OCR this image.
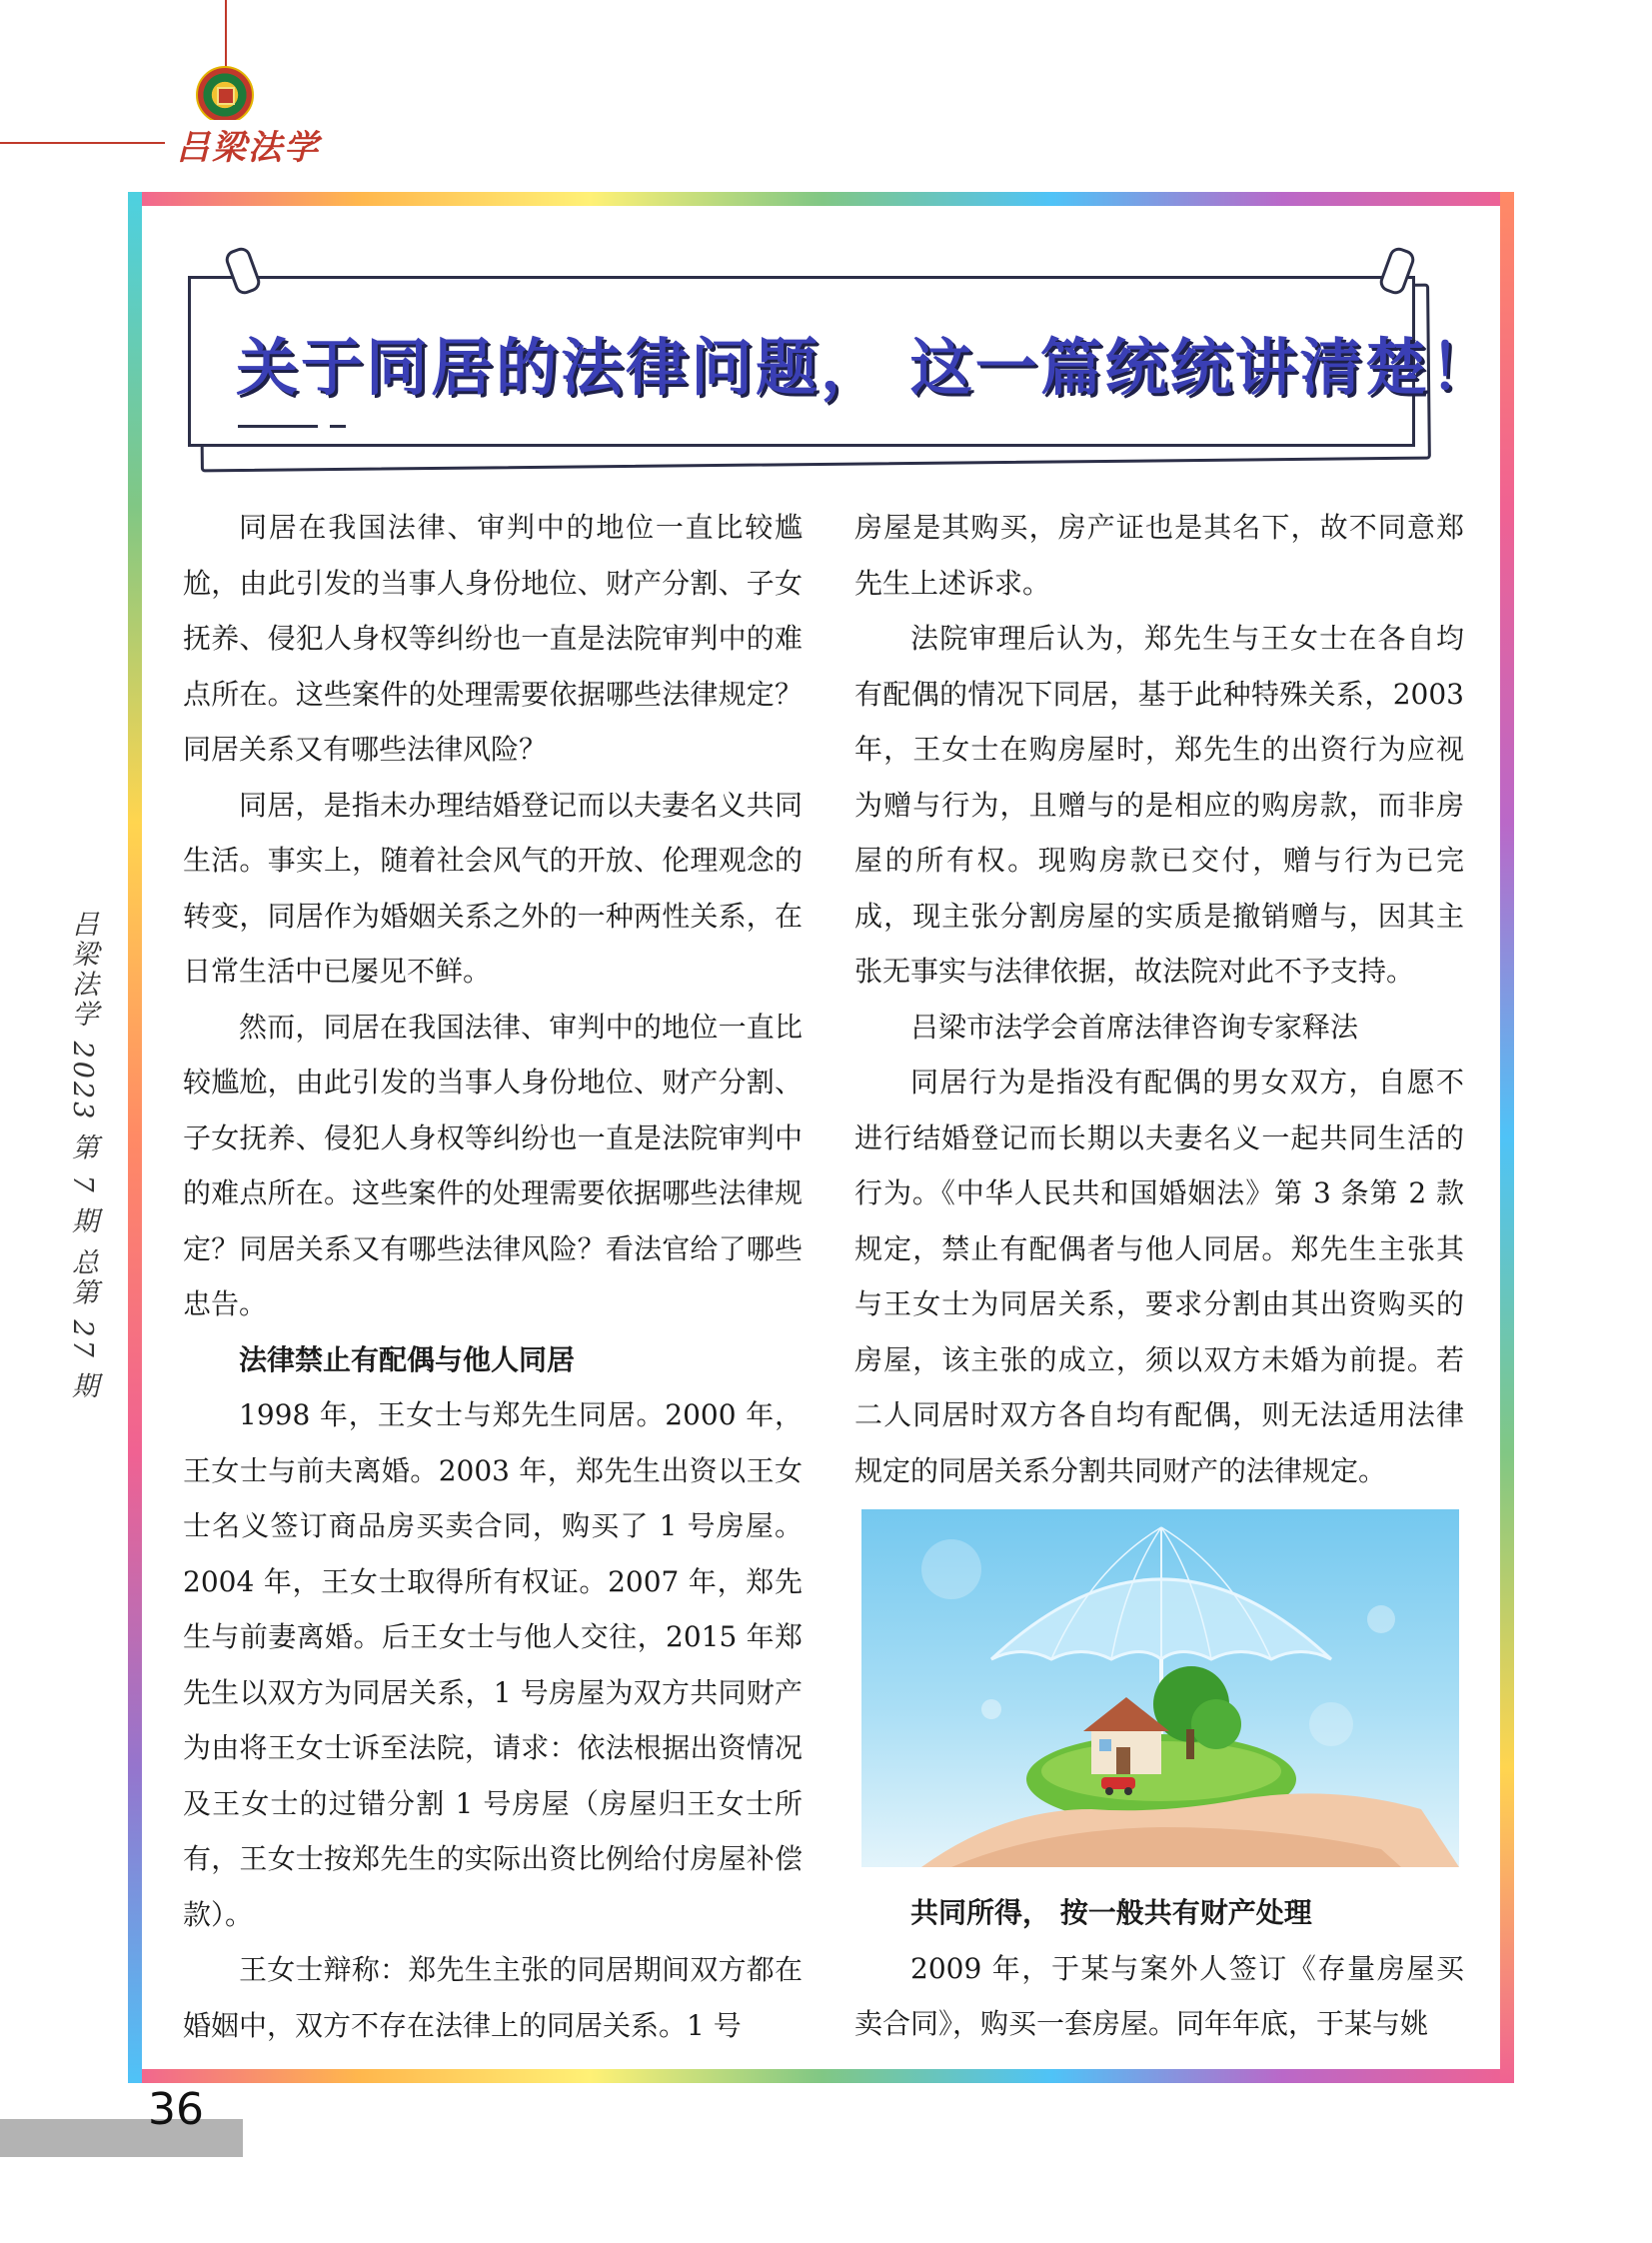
吕梁法学
吕梁法学 2023 第 7 期 总第 27 期
关于同居的法律问题， 这一篇统统讲清楚！

同居在我国法律、审判中的地位一直比较尴尬，由此引发的当事人身份地位、财产分割、子女抚养、侵犯人身权等纠纷也一直是法院审判中的难点所在。这些案件的处理需要依据哪些法律规定？同居关系又有哪些法律风险？

同居，是指未办理结婚登记而以夫妻名义共同生活。事实上，随着社会风气的开放、伦理观念的转变，同居作为婚姻关系之外的一种两性关系，在日常生活中已屡见不鲜。

然而，同居在我国法律、审判中的地位一直比较尴尬，由此引发的当事人身份地位、财产分割、子女抚养、侵犯人身权等纠纷也一直是法院审判中的难点所在。这些案件的处理需要依据哪些法律规定？同居关系又有哪些法律风险？看法官给了哪些忠告。

法律禁止有配偶与他人同居

1998 年，王女士与郑先生同居。2000 年，王女士与前夫离婚。2003 年，郑先生出资以王女士名义签订商品房买卖合同，购买了 1 号房屋。2004 年，王女士取得所有权证。2007 年，郑先生与前妻离婚。后王女士与他人交往，2015 年郑先生以双方为同居关系，1 号房屋为双方共同财产为由将王女士诉至法院，请求：依法根据出资情况及王女士的过错分割 1 号房屋（房屋归王女士所有，王女士按郑先生的实际出资比例给付房屋补偿款）。

王女士辩称：郑先生主张的同居期间双方都在婚姻中，双方不存在法律上的同居关系。1 号

房屋是其购买，房产证也是其名下，故不同意郑先生上述诉求。

法院审理后认为，郑先生与王女士在各自均有配偶的情况下同居，基于此种特殊关系，2003 年，王女士在购房屋时，郑先生的出资行为应视为赠与行为，且赠与的是相应的购房款，而非房屋的所有权。现购房款已交付，赠与行为已完成，现主张分割房屋的实质是撤销赠与，因其主张无事实与法律依据，故法院对此不予支持。

吕梁市法学会首席法律咨询专家释法

同居行为是指没有配偶的男女双方，自愿不进行结婚登记而长期以夫妻名义一起共同生活的行为。《中华人民共和国婚姻法》第 3 条第 2 款规定，禁止有配偶者与他人同居。郑先生主张其与王女士为同居关系，要求分割由其出资购买的房屋，该主张的成立，须以双方未婚为前提。若二人同居时双方各自均有配偶，则无法适用法律规定的同居关系分割共同财产的法律规定。

共同所得， 按一般共有财产处理

2009 年，于某与案外人签订《存量房屋买卖合同》，购买一套房屋。同年年底，于某与姚

36
